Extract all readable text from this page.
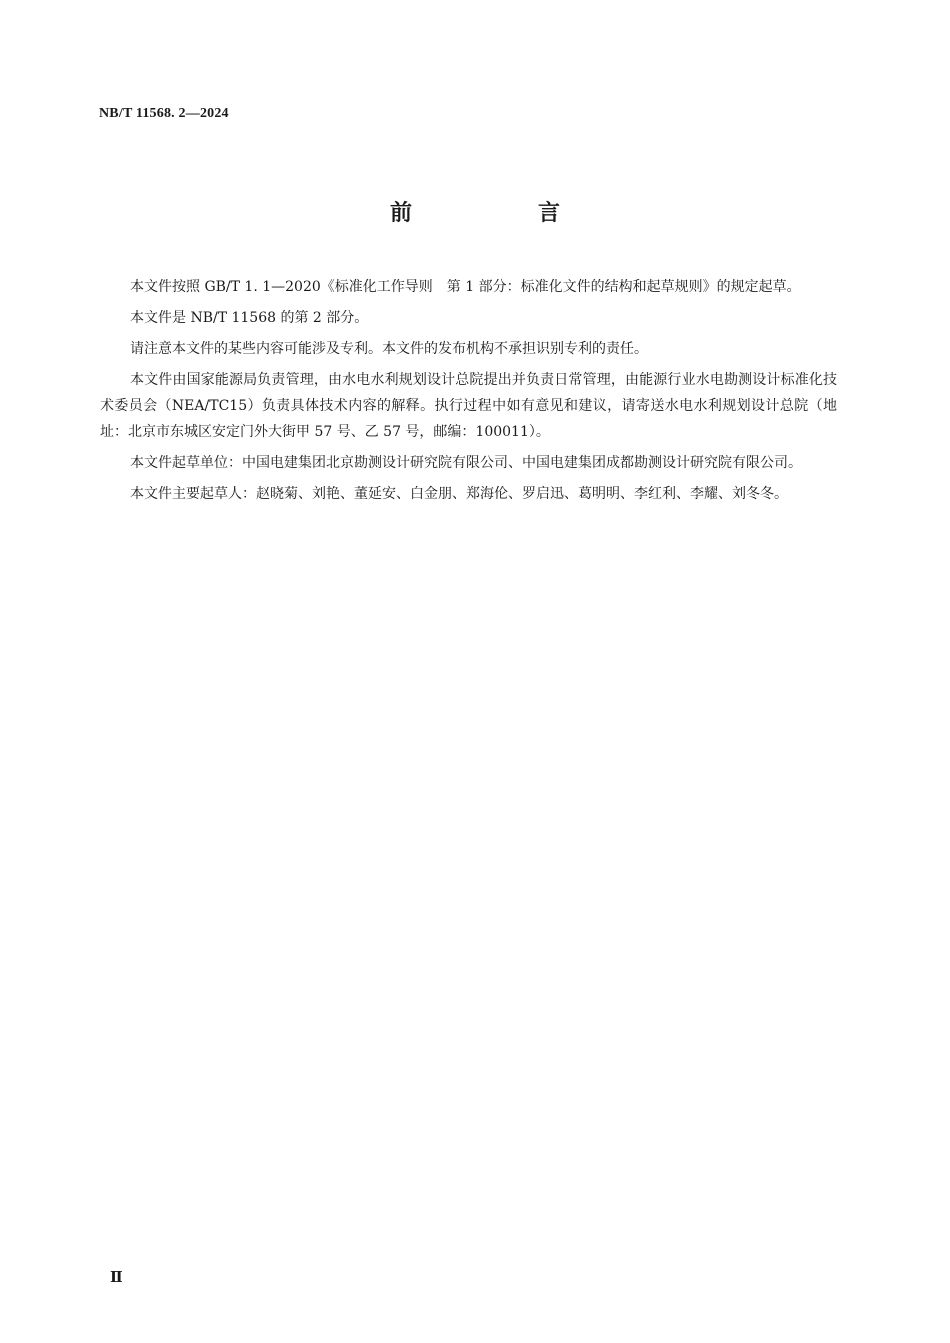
NB/T 11568. 2—2024
前　言

本文件按照 GB/T 1. 1—2020《标准化工作导则　第 1 部分：标准化文件的结构和起草规则》的规定起草。

本文件是 NB/T 11568 的第 2 部分。

请注意本文件的某些内容可能涉及专利。本文件的发布机构不承担识别专利的责任。

本文件由国家能源局负责管理，由水电水利规划设计总院提出并负责日常管理，由能源行业水电勘测设计标准化技术委员会（NEA/TC15）负责具体技术内容的解释。执行过程中如有意见和建议，请寄送水电水利规划设计总院（地址：北京市东城区安定门外大街甲 57 号、乙 57 号，邮编：100011）。

本文件起草单位：中国电建集团北京勘测设计研究院有限公司、中国电建集团成都勘测设计研究院有限公司。

本文件主要起草人：赵晓菊、刘艳、董延安、白金朋、郑海伦、罗启迅、葛明明、李红利、李耀、刘冬冬。

Ⅱ
